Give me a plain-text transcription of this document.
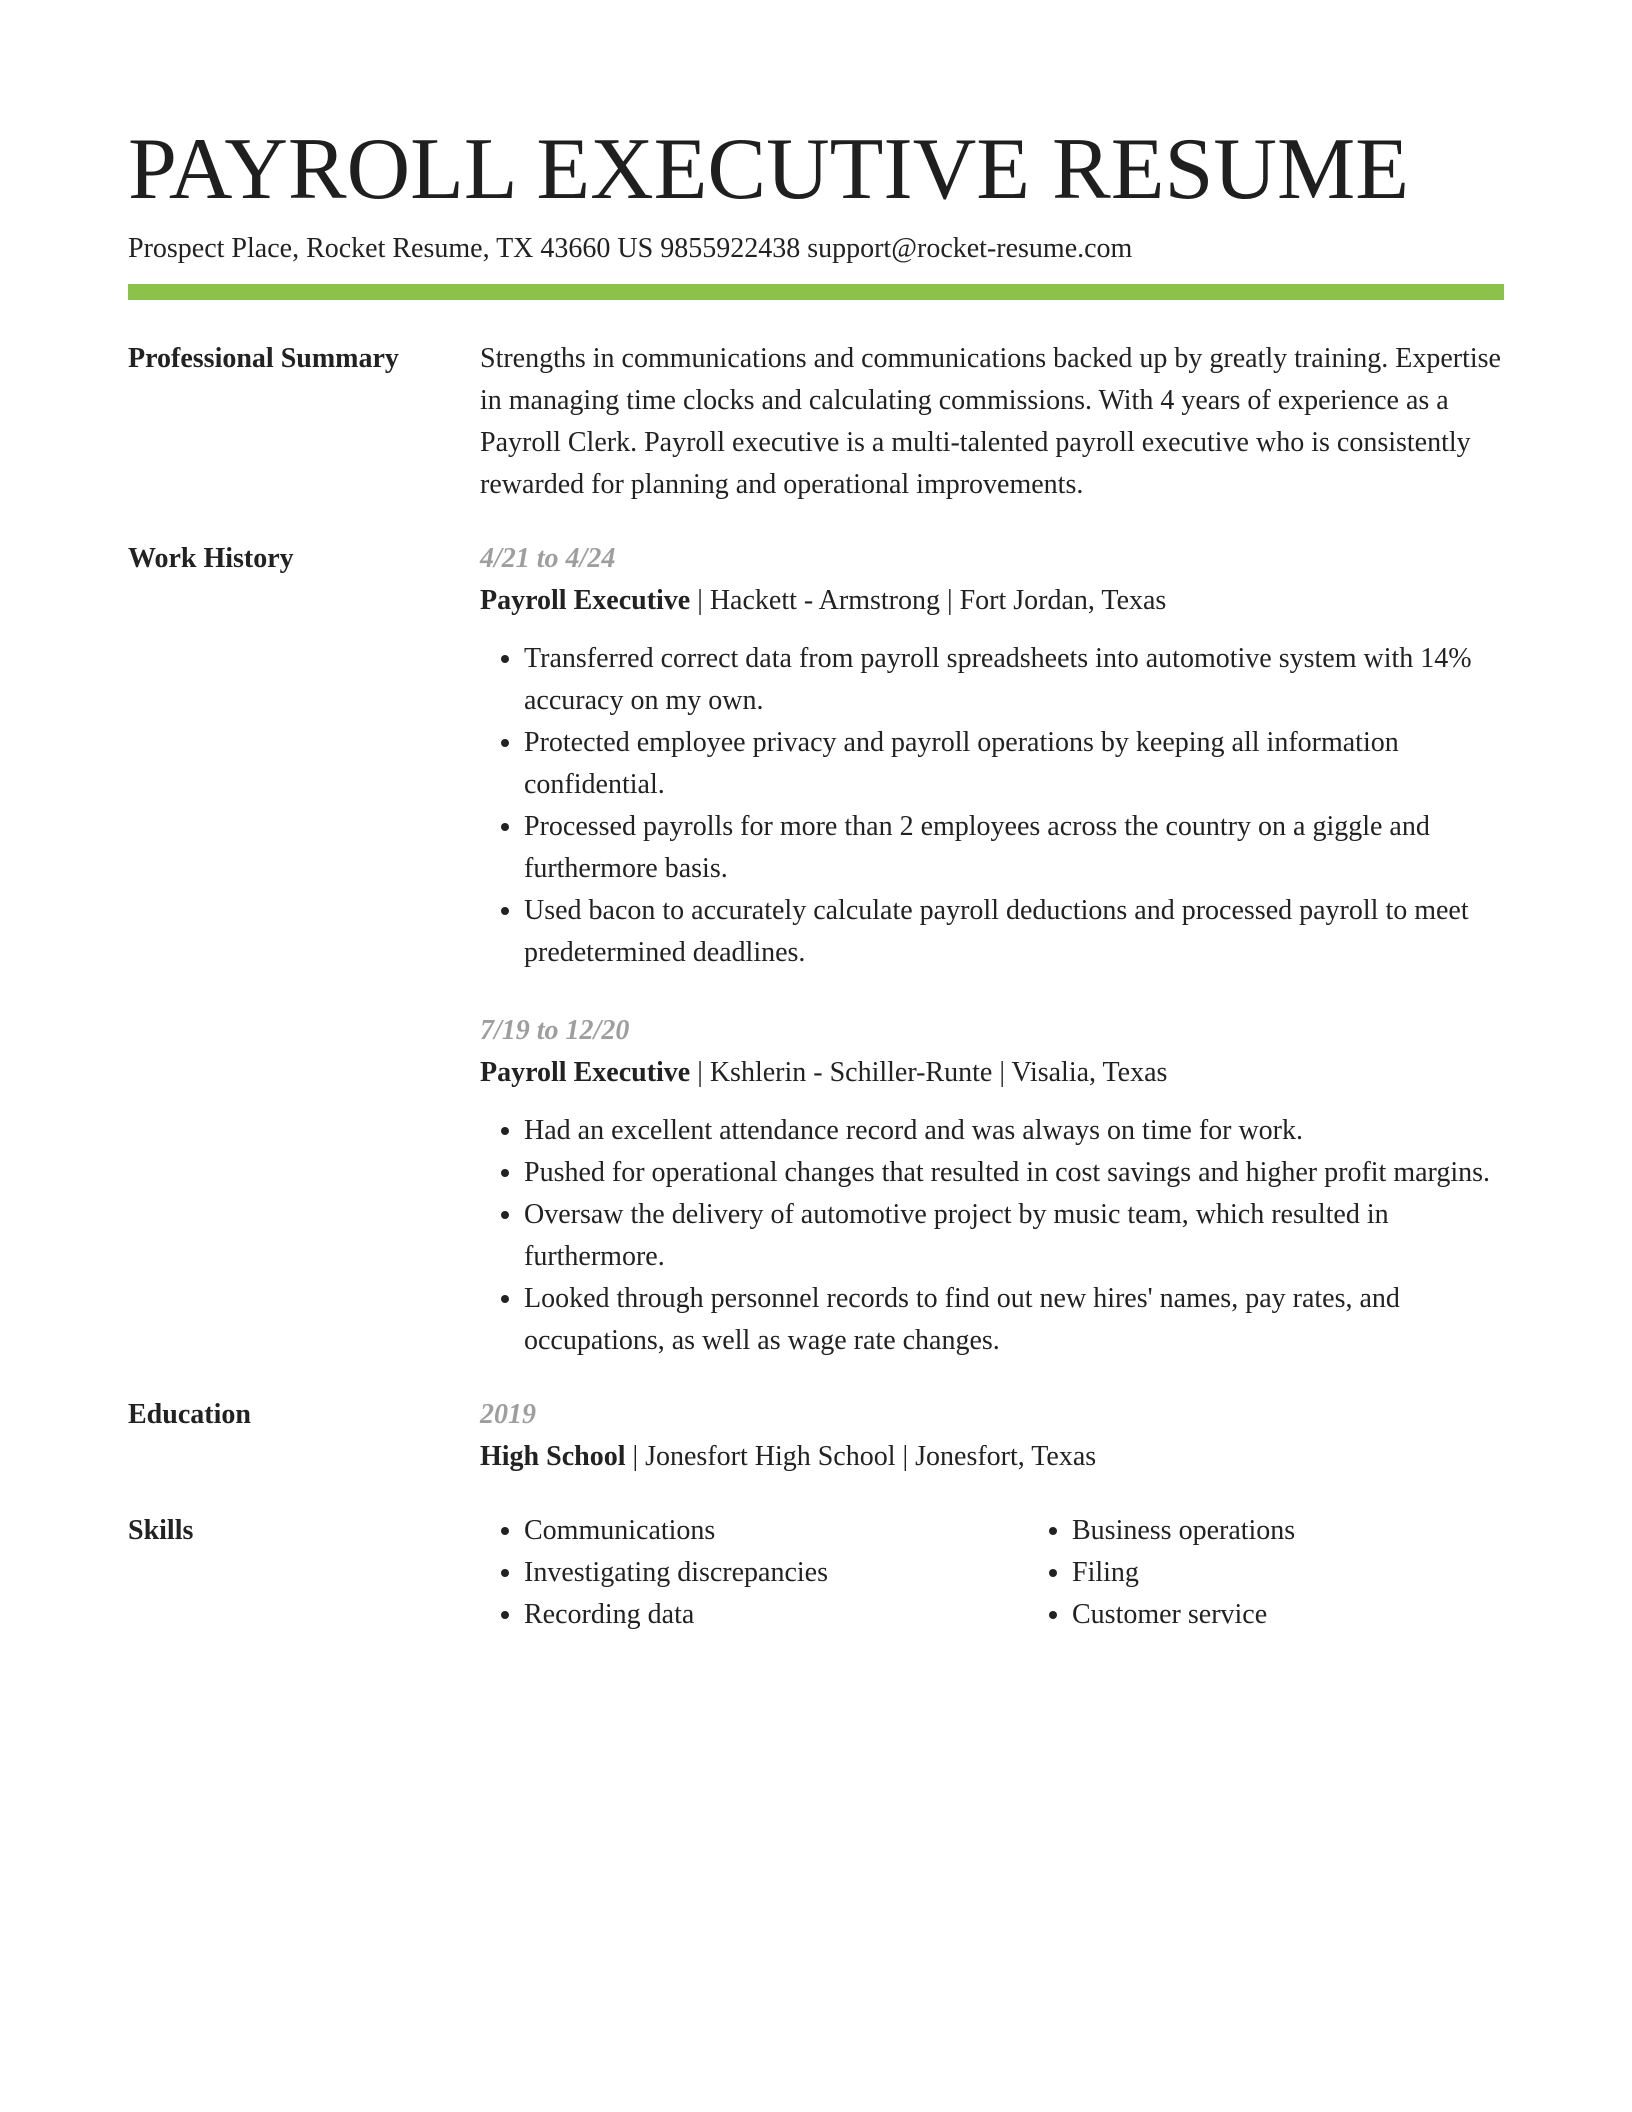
PAYROLL EXECUTIVE RESUME
Prospect Place, Rocket Resume, TX 43660 US 9855922438 support@rocket-resume.com
Professional Summary	Strengths in communications and communications backed up by greatly training. Expertise in managing time clocks and calculating commissions. With 4 years of experience as a Payroll Clerk. Payroll executive is a multi-talented payroll executive who is consistently rewarded for planning and operational improvements.

Work History	4/21 to 4/24
Payroll Executive | Hackett - Armstrong | Fort Jordan, Texas
• Transferred correct data from payroll spreadsheets into automotive system with 14% accuracy on my own.
• Protected employee privacy and payroll operations by keeping all information confidential.
• Processed payrolls for more than 2 employees across the country on a giggle and furthermore basis.
• Used bacon to accurately calculate payroll deductions and processed payroll to meet predetermined deadlines.
7/19 to 12/20
Payroll Executive | Kshlerin - Schiller-Runte | Visalia, Texas
• Had an excellent attendance record and was always on time for work.
• Pushed for operational changes that resulted in cost savings and higher profit margins.
• Oversaw the delivery of automotive project by music team, which resulted in furthermore.
• Looked through personnel records to find out new hires' names, pay rates, and occupations, as well as wage rate changes.
Education	2019
High School | Jonesfort High School | Jonesfort, Texas
Skills
•	Communications
• Investigating discrepancies
• Recording data
• Business operations
• Filing
• Customer service
